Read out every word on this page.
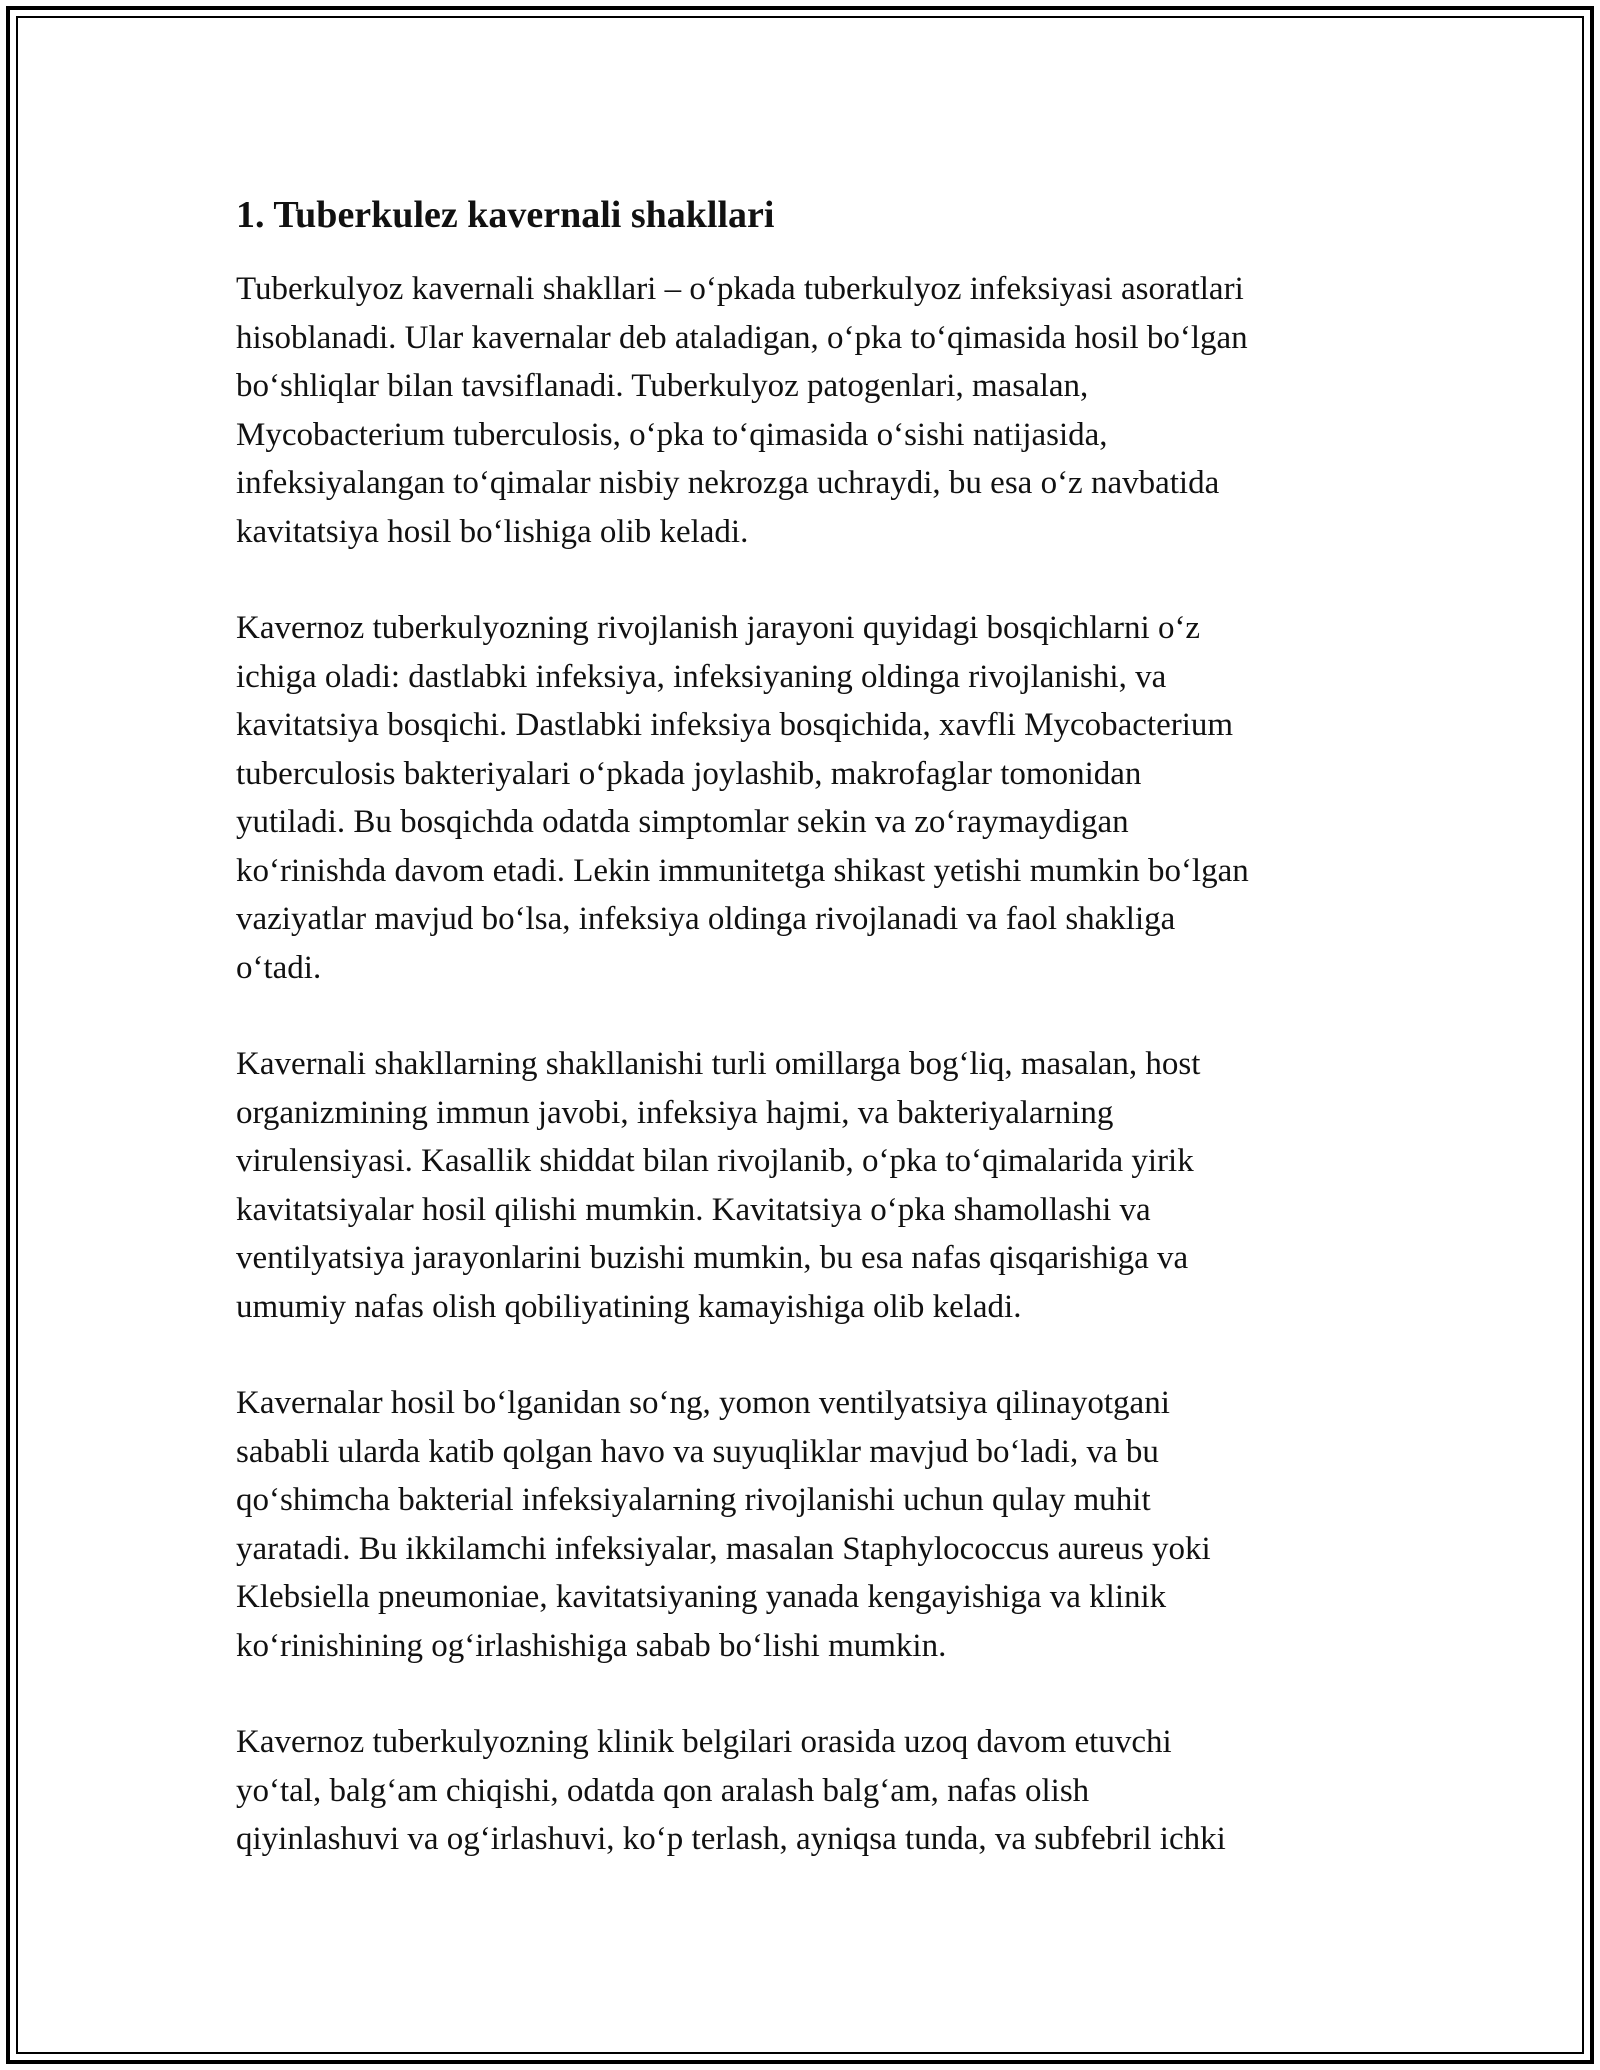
1. Tuberkulez kavernali shakllari

Tuberkulyoz kavernali shakllari – o‘pkada tuberkulyoz infeksiyasi asoratlari
hisoblanadi. Ular kavernalar deb ataladigan, o‘pka to‘qimasida hosil bo‘lgan
bo‘shliqlar bilan tavsiflanadi. Tuberkulyoz patogenlari, masalan,
Mycobacterium tuberculosis, o‘pka to‘qimasida o‘sishi natijasida,
infeksiyalangan to‘qimalar nisbiy nekrozga uchraydi, bu esa o‘z navbatida
kavitatsiya hosil bo‘lishiga olib keladi.

Kavernoz tuberkulyozning rivojlanish jarayoni quyidagi bosqichlarni o‘z
ichiga oladi: dastlabki infeksiya, infeksiyaning oldinga rivojlanishi, va
kavitatsiya bosqichi. Dastlabki infeksiya bosqichida, xavfli Mycobacterium
tuberculosis bakteriyalari o‘pkada joylashib, makrofaglar tomonidan
yutiladi. Bu bosqichda odatda simptomlar sekin va zo‘raymaydigan
ko‘rinishda davom etadi. Lekin immunitetga shikast yetishi mumkin bo‘lgan
vaziyatlar mavjud bo‘lsa, infeksiya oldinga rivojlanadi va faol shakliga
o‘tadi.

Kavernali shakllarning shakllanishi turli omillarga bog‘liq, masalan, host
organizmining immun javobi, infeksiya hajmi, va bakteriyalarning
virulensiyasi. Kasallik shiddat bilan rivojlanib, o‘pka to‘qimalarida yirik
kavitatsiyalar hosil qilishi mumkin. Kavitatsiya o‘pka shamollashi va
ventilyatsiya jarayonlarini buzishi mumkin, bu esa nafas qisqarishiga va
umumiy nafas olish qobiliyatining kamayishiga olib keladi.

Kavernalar hosil bo‘lganidan so‘ng, yomon ventilyatsiya qilinayotgani
sababli ularda katib qolgan havo va suyuqliklar mavjud bo‘ladi, va bu
qo‘shimcha bakterial infeksiyalarning rivojlanishi uchun qulay muhit
yaratadi. Bu ikkilamchi infeksiyalar, masalan Staphylococcus aureus yoki
Klebsiella pneumoniae, kavitatsiyaning yanada kengayishiga va klinik
ko‘rinishining og‘irlashishiga sabab bo‘lishi mumkin.

Kavernoz tuberkulyozning klinik belgilari orasida uzoq davom etuvchi
yo‘tal, balg‘am chiqishi, odatda qon aralash balg‘am, nafas olish
qiyinlashuvi va og‘irlashuvi, ko‘p terlash, ayniqsa tunda, va subfebril ichki
